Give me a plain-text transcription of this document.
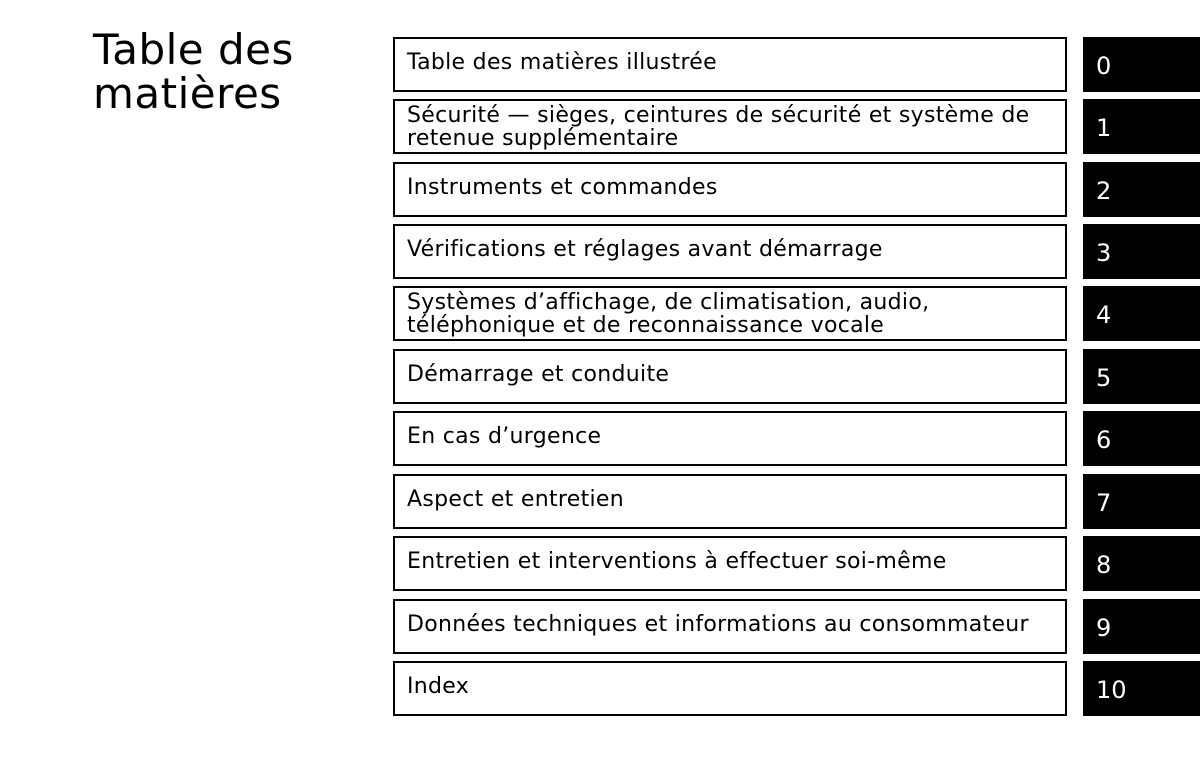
Table des matières
Table des matières illustrée	0
Sécurité — sièges, ceintures de sécurité et système de retenue supplémentaire	1
Instruments et commandes	2
Vérifications et réglages avant démarrage	3
Systèmes d’affichage, de climatisation, audio, téléphonique et de reconnaissance vocale	4
Démarrage et conduite	5
En cas d’urgence	6
Aspect et entretien	7
Entretien et interventions à effectuer soi-même	8
Données techniques et informations au consommateur	9
Index	10
